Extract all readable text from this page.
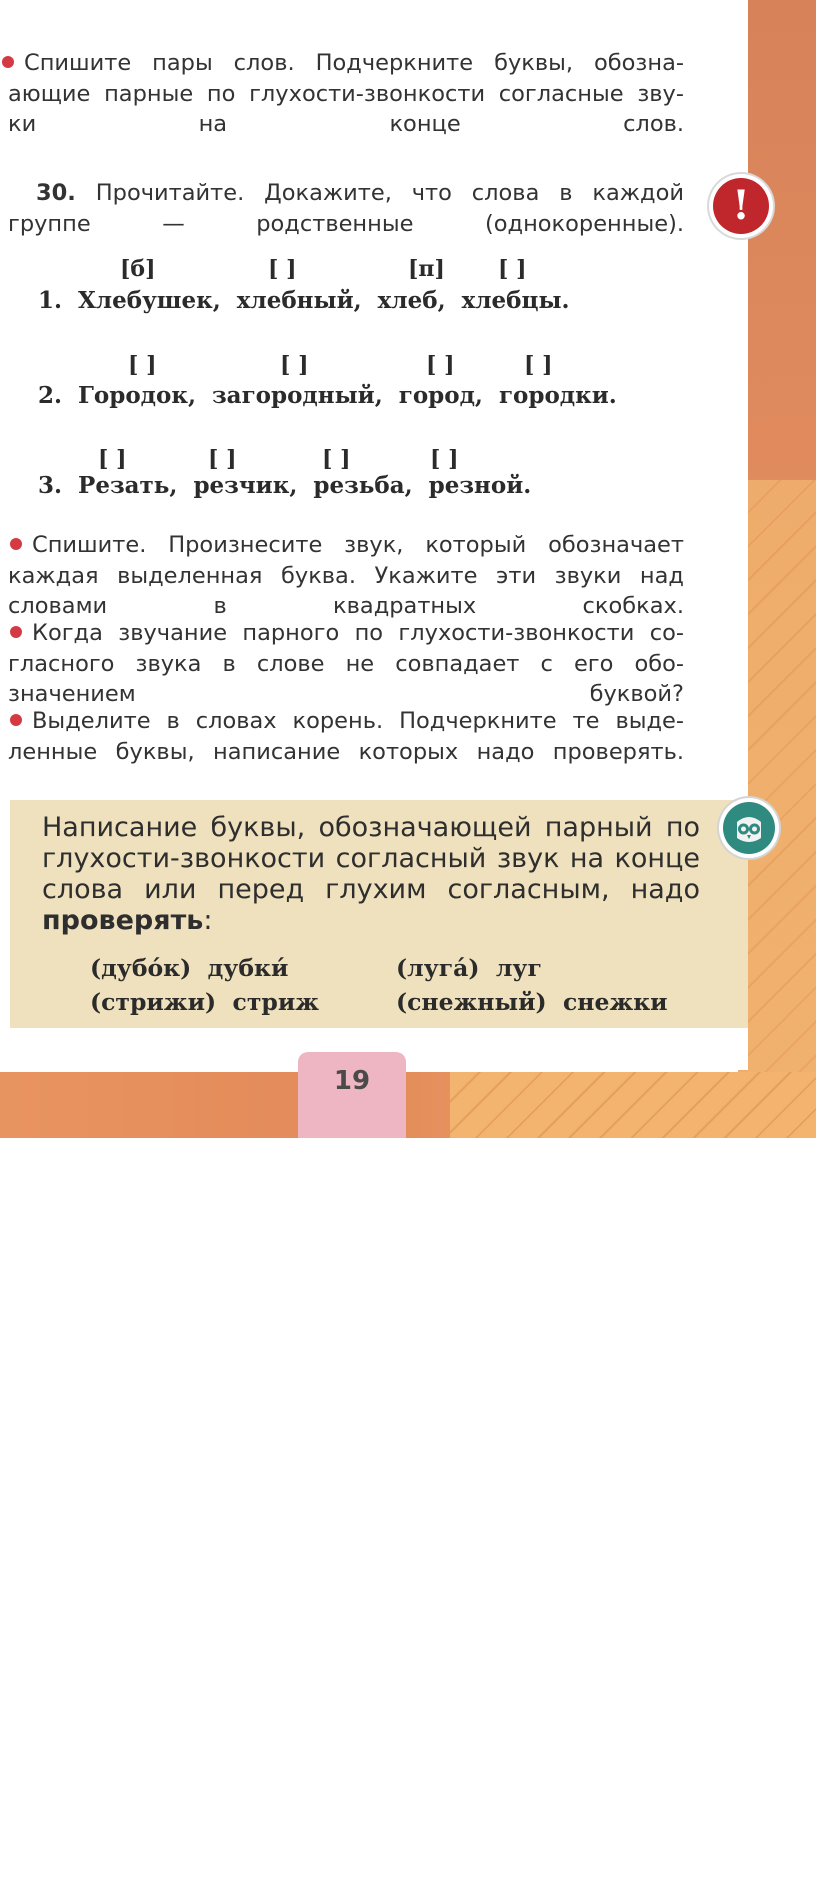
Спишите пары слов. Подчеркните буквы, обозна-
ающие парные по глухости-звонкости согласные зву-

ки на конце слов.
30. Прочитайте. Докажите, что слова в каждой

группе — родственные (однокоренные).	!
[б]	[ ]	[п] [ ]
1. Хлебушек, хлебный, хлеб, хлебцы.
[ ]	[ ]	[ ]	[ ]
2. Городок, загородный, город, городки.
[ ]	[ ]	[ ]	[ ]
3. Резать, резчик, резьба, резной.
Спишите. Произнесите звук, который обозначает
каждая выделенная буква. Укажите эти звуки над

словами в квадратных скобках.
Когда звучание парного по глухости-звонкости со-
гласного звука в слове не совпадает с его обо-

значением буквой?
Выделите в словах корень. Подчеркните те выде-

ленные буквы, написание которых надо проверять.
Написание буквы, обозначающей парный по
глухости-звонкости согласный звук на конце
слова или перед глухим согласным, надо

проверять:
(дубóк) дубки́	(лугá) луг
(стрижи) стриж	(снежный) снежки
19
